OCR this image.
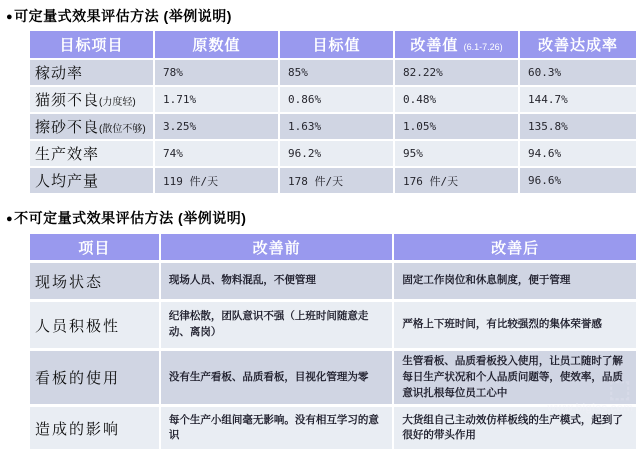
●可定量式效果评估方法 (举例说明)
目标项目	原数值	目标值	改善值 (6.1-7.26)	改善达成率
稼动率	78%	85%	82.22%	60.3%
猫须不良(力度轻)	1.71%	0.86%	0.48%	144.7%
擦砂不良(散位不够)	3.25%	1.63%	1.05%	135.8%
生产效率	74%	96.2%	95%	94.6%
人均产量	119 件/天	178 件/天	176 件/天	96.6%
●不可定量式效果评估方法 (举例说明)
项目	改善前	改善后
现场状态	现场人员、物料混乱，不便管理	固定工作岗位和休息制度，便于管理
人员积极性	纪律松散，团队意识不强（上班时间随意走动、离岗）	严格上下班时间，有比较强烈的集体荣誉感
看板的使用	没有生产看板、品质看板，目视化管理为零	生管看板、品质看板投入使用，让员工随时了解每日生产状况和个人品质问题等，使效率，品质意识扎根每位员工心中
造成的影响	每个生产小组间毫无影响。没有相互学习的意识	大货组自己主动效仿样板线的生产模式，起到了很好的带头作用
⬚
www.bigiss.com
